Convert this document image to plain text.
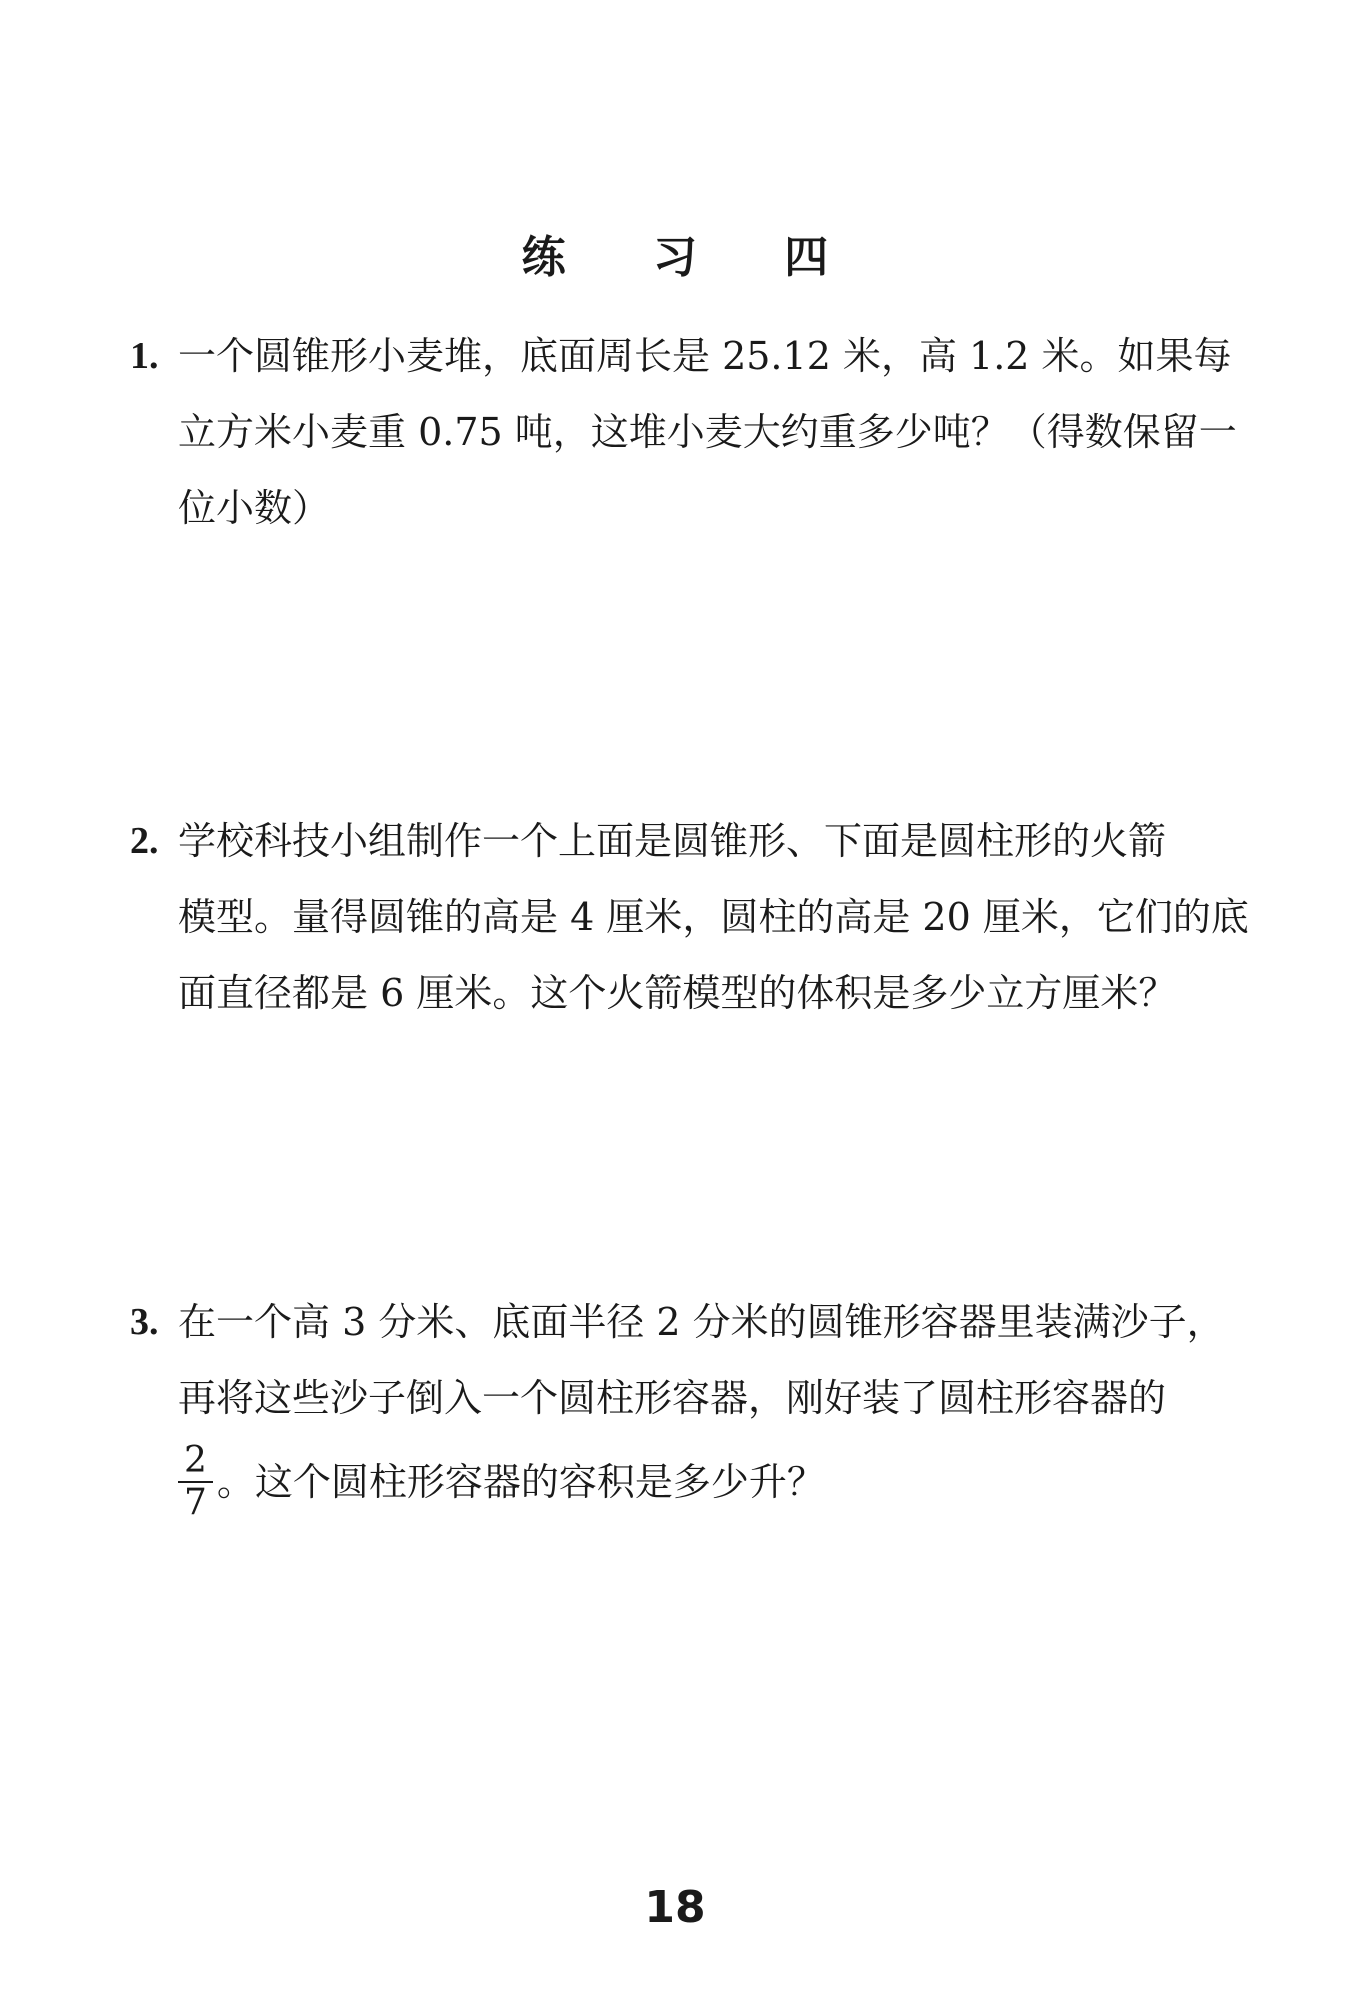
练 习 四
1. 一个圆锥形小麦堆，底面周长是 25.12 米，高 1.2 米。如果每
立方米小麦重 0.75 吨，这堆小麦大约重多少吨？（得数保留一
位小数）
2. 学校科技小组制作一个上面是圆锥形、下面是圆柱形的火箭
模型。量得圆锥的高是 4 厘米，圆柱的高是 20 厘米，它们的底
面直径都是 6 厘米。这个火箭模型的体积是多少立方厘米？
3. 在一个高 3 分米、底面半径 2 分米的圆锥形容器里装满沙子，
再将这些沙子倒入一个圆柱形容器，刚好装了圆柱形容器的
$\frac{2}{7}$ 。这个圆柱形容器的容积是多少升？
18
